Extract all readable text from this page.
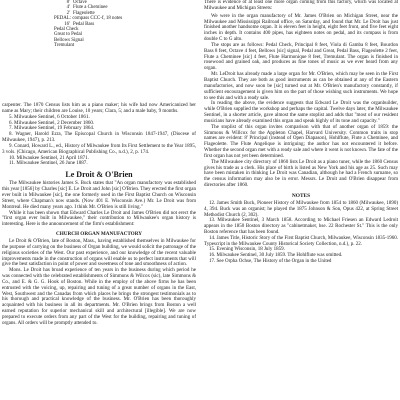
8' Octave
4' Flute a Cheminee
2' Flageolette
PEDAL: compass CCC-f, 18 notes
16' Pedal Bass
Pedal Check
Great to Pedal
Bellows Signal
Tremulant

carpenter. The 1870 Census lists him as a piano maker; his wife had now Americanized her name as Mary; their children are Louise, 10 years; Clara, 5; and a male baby, 9 months.

5. Milwaukee Sentinel, 6 October 1861.

6. Milwaukee Sentinel, 2 December 1860.

7. Milwaukee Sentinel, 19 February 1864.

8. Wagner, Harold Ezra, The Episcopal Church in Wisconsin 1847-1947, (Diocese of Milwaukee, 1947), p. 213.

9. Conard, Howard L., ed., History of Milwaukee from Its First Settlement to the Year 1895, 3 vols. (Chicago, American Biographical Publishing Co., n.d.), 2, p. 174.

10. Milwaukee Sentinel, 21 April 1871.

11. Milwaukee Sentinel, 26 June 1887.

Le Droit & O'Brien

The Milwaukee histories James S. Buck states that "An organ manufactory was established this year [1856] by Charles [sic] E. Le Droit and John [sic] O'Brien. They erected the first organ ever built in Milwaukee [sic], the one formerly used in the First Baptist Church on Wisconsin Street, where Chapman's now stands. (Now 401 E. Wisconsin Ave.) Mr. Le Droit was from Montreal. He died many years ago. I think Mr. O'Brien is still living."

While it has been shown that Edward Charles Le Droit and James O'Brien did not erect the "first organ ever built in Milwaukee," their contribution to Milwaukee's organ history is interesting. Here is the announcement of the firm's establishment:

CHURCH ORGAN MANUFACTORY

Le Droit & O'Brien, late of Boston, Mass., having established themselves in Milwaukee for the purpose of carrying on the business of Organ building, we would solicit the patronage of the religious societies of the West. Our past experience, and our knowledge of the recent valuable improvements made in the construction of organs will enable us to perfect instruments that will give the best satisfaction in point of power and sweetness of tone and smoothness of action.

Mons. Le Droit has broad experience of ten years in the business during which period he was connected with the celebrated establishments of Simmons & Wilcox (sic), late Simmons & Co., and E. & G. G. Hook of Boston. While in the employ of the above firms he has been entrusted with the voicing, up, repairing and tuning of a great number of organs in the East, West, Southwest and the Canadas from which places he brings the strongest testimonials as to his thorough and practical knowledge of the business. Mr. O'Brien has been thoroughly acquainted with his business in all its departments. Mr. O'Brien brings from Boston a well earned reputation for superior mechanical skill and architectural [illegible]. We are now prepared to execute orders from any part of the West for the building, repairing and tuning of organs. All orders will be promptly attended to.

There is evidence of at least one more organ coming from this factory, which was located at Milwaukee and Michigan Streets:

We were in the organ manufactory of Mr. James O'Brien on Michigan Street, near the Milwaukee and Mississippi Railroad office, on Saturday, and found that Mr. Le Droit has just finished another handsome organ. It is eleven feet in height, eight feet front, and five feet eight inches in depth. It contains 400 pipes, has eighteen notes on pedal, and its compass is from double C to G alto.

The stops are as follows: Pedal Check, Principal 8 feet, Viola di Gamba 8 feet, Bourdon Bass 8 feet, Octave 4 feet, Bellows [sic] signal, Pedal and Great, Pedal Bass, Flageolette 2 feet, Flute a Cheminee [sic] 4 feet, Flute Harmonique 8 feet, Tremulant. The organ is finished in rosewood and grained oak, and produces as fine tones of music as we ever heard from any organ.

Mr. LeDroit has already made a large organ for Mr. O'Brien, which may be seen in the First Baptist Church. They are both as good instruments as can be obtained at any of the Eastern manufactories, and now soon be [sic] turned out at Mr. O'Brien's manufactory constantly, if sufficient encouragement is given him on the part of those wishing such instruments. We hope to see this and with a ready sale.

In reading the above, the evidence suggests that Edward Le Droit was the organbuilder, while O'Brien supplied the workshop and perhaps the capital. Twelve days later, the Milwaukee Sentinel, in a shorter article, gave almost the same stoplist and adds that "most of our resident musicians have already examined this organ and speak highly of its tone and capacity."

The stoplist of this organ invites comparison with that of another organ of 1859: the Simmons & Willcox for the Appleton Chapel, Harvard University. Common traits in stop names are evident: 8' Principal (instead of Open Diapason), Hohlflute, Flute a Cheminee, and Flageolette. The Flute Angelique is intriguing; the author has not encountered it before. Whether the second organ met with a ready sale and where it went is not known. The fate of the first organ has not yet been determined.

The Milwaukee city directory of 1860 lists Le Droit as a piano tuner, while the 1860 Census gives his trade as a clerk. His place of birth is listed as New York and his age as 25. Such may have been mistaken in thinking Le Droit was Canadian, although he had a French surname, so the census information may also be in error. Messrs. Le Droit and O'Brien disappear from directories after 1860.

NOTES

12. James Smith Buck, Pioneer History of Milwaukee from 1854 to 1860 (Milwaukee, 1890) 4, 394. Buck was an organist; he played the 1875 Johnson & Son, Opus 422, at Spring Street Methodist Church (2, 302).

13. Milwaukee Sentinel, 3 March 1858. According to Michael Friesen an Edward Ledroit appears in the 1850 Boston directory as "cabinetmaker, hse. 22 Rochester St." This is the only Boston reference that has been found.

14. James Title, Historic Story of the First Baptist Church, Milwaukee, Wisconsin 1835-1960. Typescript in the Milwaukee County Historical Society Collection, n.d.), p. 22.

15. Evening Wisconsin, 18 July 1859.

16. Milwaukee Sentinel, 30 July 1859. The Hohlflute was omitted.

17. See Orpha Ochse, The History of the Organ in the United
